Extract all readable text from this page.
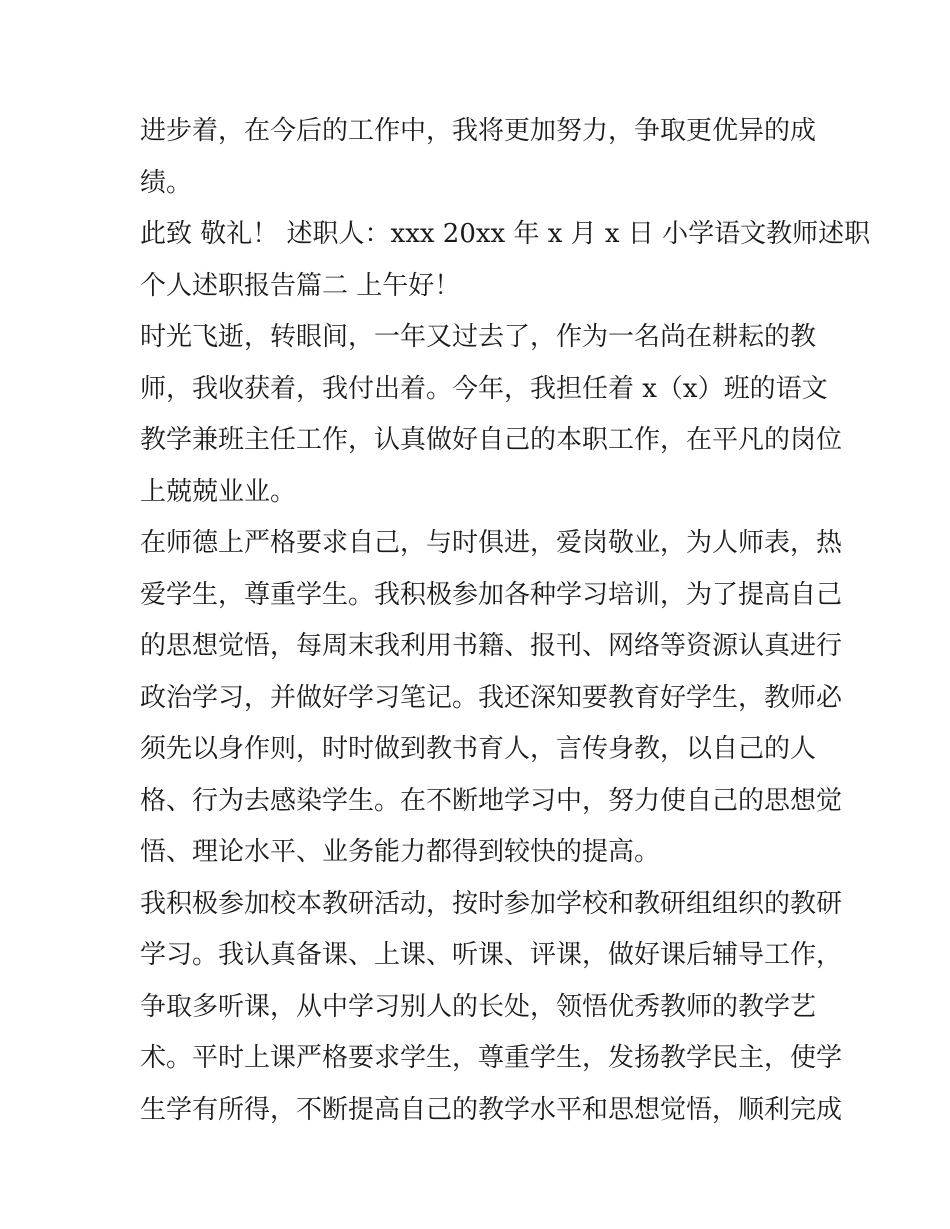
进步着，在今后的工作中，我将更加努力，争取更优异的成
绩。
此致 敬礼！ 述职人：xxx 20xx 年 x 月 x 日 小学语文教师述职
个人述职报告篇二 上午好！
时光飞逝，转眼间，一年又过去了，作为一名尚在耕耘的教
师，我收获着，我付出着。今年，我担任着 x（x）班的语文
教学兼班主任工作，认真做好自己的本职工作，在平凡的岗位
上兢兢业业。
在师德上严格要求自己，与时俱进，爱岗敬业，为人师表，热
爱学生，尊重学生。我积极参加各种学习培训，为了提高自己
的思想觉悟，每周末我利用书籍、报刊、网络等资源认真进行
政治学习，并做好学习笔记。我还深知要教育好学生，教师必
须先以身作则，时时做到教书育人，言传身教，以自己的人
格、行为去感染学生。在不断地学习中，努力使自己的思想觉
悟、理论水平、业务能力都得到较快的提高。
我积极参加校本教研活动，按时参加学校和教研组组织的教研
学习。我认真备课、上课、听课、评课，做好课后辅导工作，
争取多听课，从中学习别人的长处，领悟优秀教师的教学艺
术。平时上课严格要求学生，尊重学生，发扬教学民主，使学
生学有所得，不断提高自己的教学水平和思想觉悟，顺利完成
